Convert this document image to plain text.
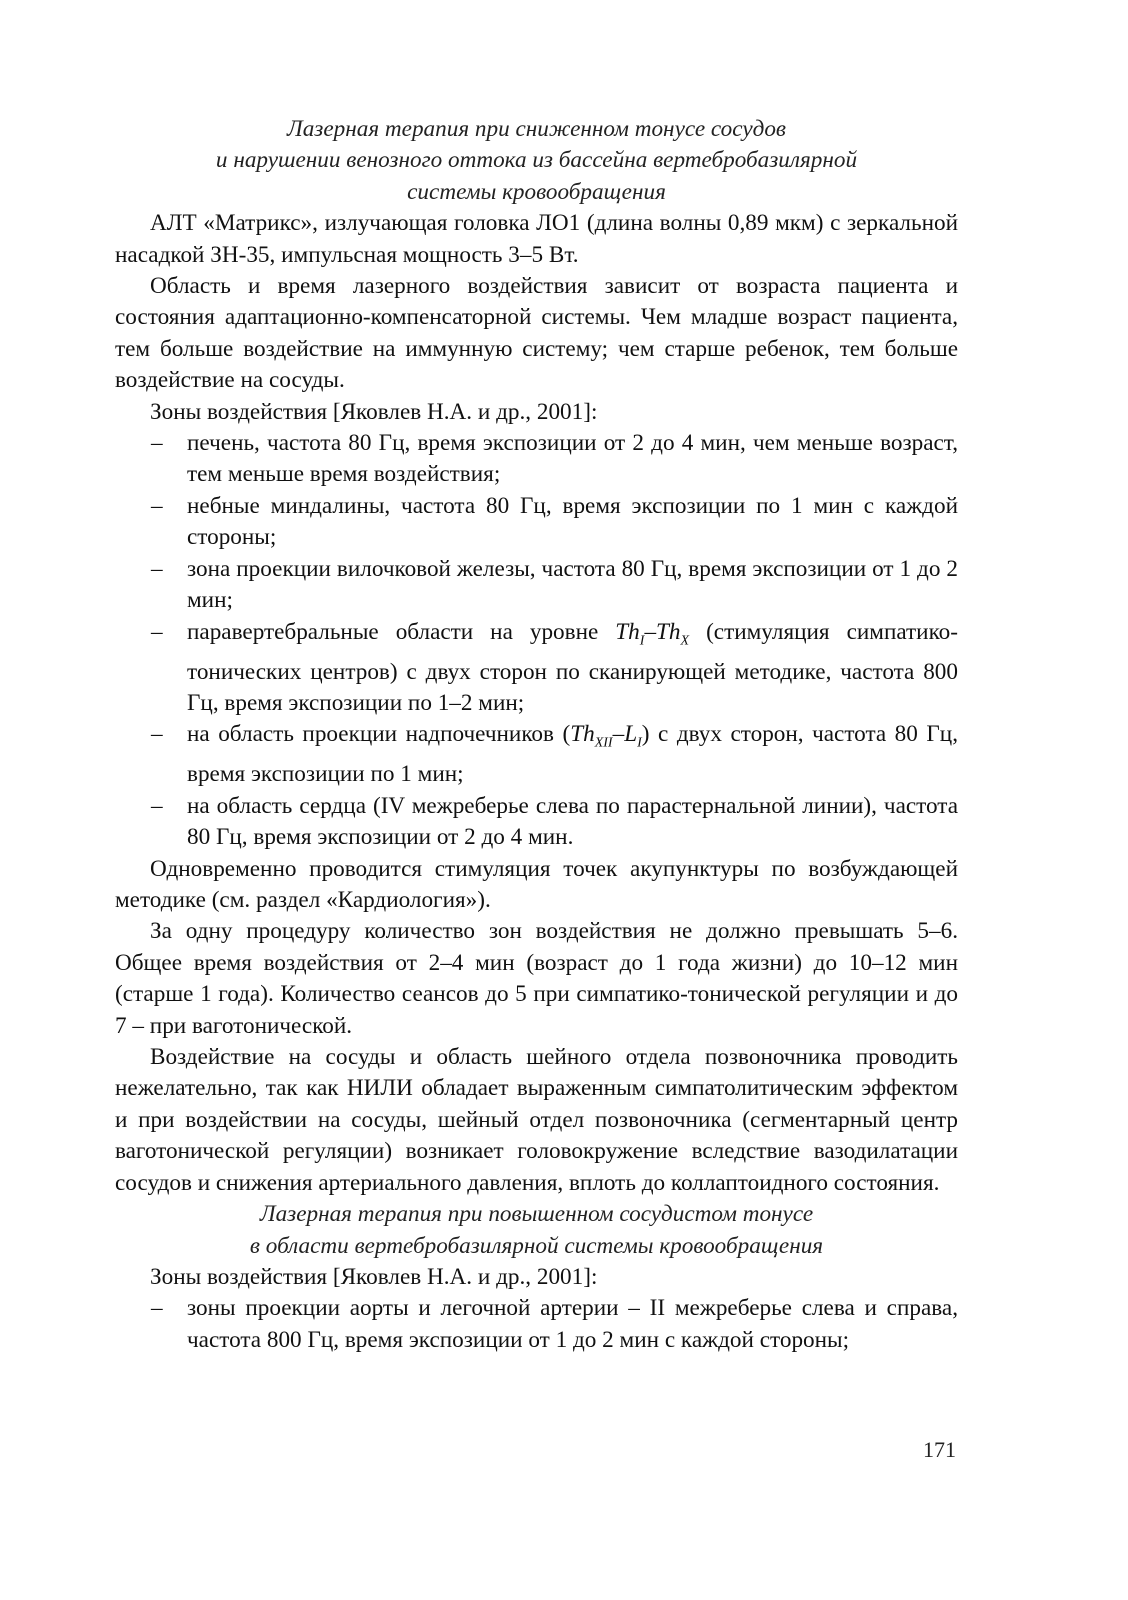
Лазерная терапия при сниженном тонусе сосудов
и нарушении венозного оттока из бассейна вертебробазилярной
системы кровообращения

АЛТ «Матрикс», излучающая головка ЛО1 (длина волны 0,89 мкм) с зеркальной насадкой ЗН-35, импульсная мощность 3–5 Вт.

Область и время лазерного воздействия зависит от возраста пациента и состояния адаптационно-компенсаторной системы. Чем младше возраст пациента, тем больше воздействие на иммунную систему; чем старше ребенок, тем больше воздействие на сосуды.

Зоны воздействия [Яковлев Н.А. и др., 2001]:

– печень, частота 80 Гц, время экспозиции от 2 до 4 мин, чем меньше возраст, тем меньше время воздействия;
– небные миндалины, частота 80 Гц, время экспозиции по 1 мин с каждой стороны;
– зона проекции вилочковой железы, частота 80 Гц, время экспозиции от 1 до 2 мин;
– паравертебральные области на уровне $Th_I-Th_X$ (стимуляция симпатико-тонических центров) с двух сторон по сканирующей методике, частота 800 Гц, время экспозиции по 1–2 мин;
– на область проекции надпочечников $(Th_{XII}-L_I)$ с двух сторон, частота 80 Гц, время экспозиции по 1 мин;
– на область сердца (IV межреберье слева по парастернальной линии), частота 80 Гц, время экспозиции от 2 до 4 мин.

Одновременно проводится стимуляция точек акупунктуры по возбуждающей методике (см. раздел «Кардиология»).

За одну процедуру количество зон воздействия не должно превышать 5–6. Общее время воздействия от 2–4 мин (возраст до 1 года жизни) до 10–12 мин (старше 1 года). Количество сеансов до 5 при симпатико-тонической регуляции и до 7 – при ваготонической.

Воздействие на сосуды и область шейного отдела позвоночника проводить нежелательно, так как НИЛИ обладает выраженным симпатолитическим эффектом и при воздействии на сосуды, шейный отдел позвоночника (сегментарный центр ваготонической регуляции) возникает головокружение вследствие вазодилатации сосудов и снижения артериального давления, вплоть до коллаптоидного состояния.

Лазерная терапия при повышенном сосудистом тонусе
в области вертебробазилярной системы кровообращения

Зоны воздействия [Яковлев Н.А. и др., 2001]:

– зоны проекции аорты и легочной артерии – II межреберье слева и справа, частота 800 Гц, время экспозиции от 1 до 2 мин с каждой стороны;
171
